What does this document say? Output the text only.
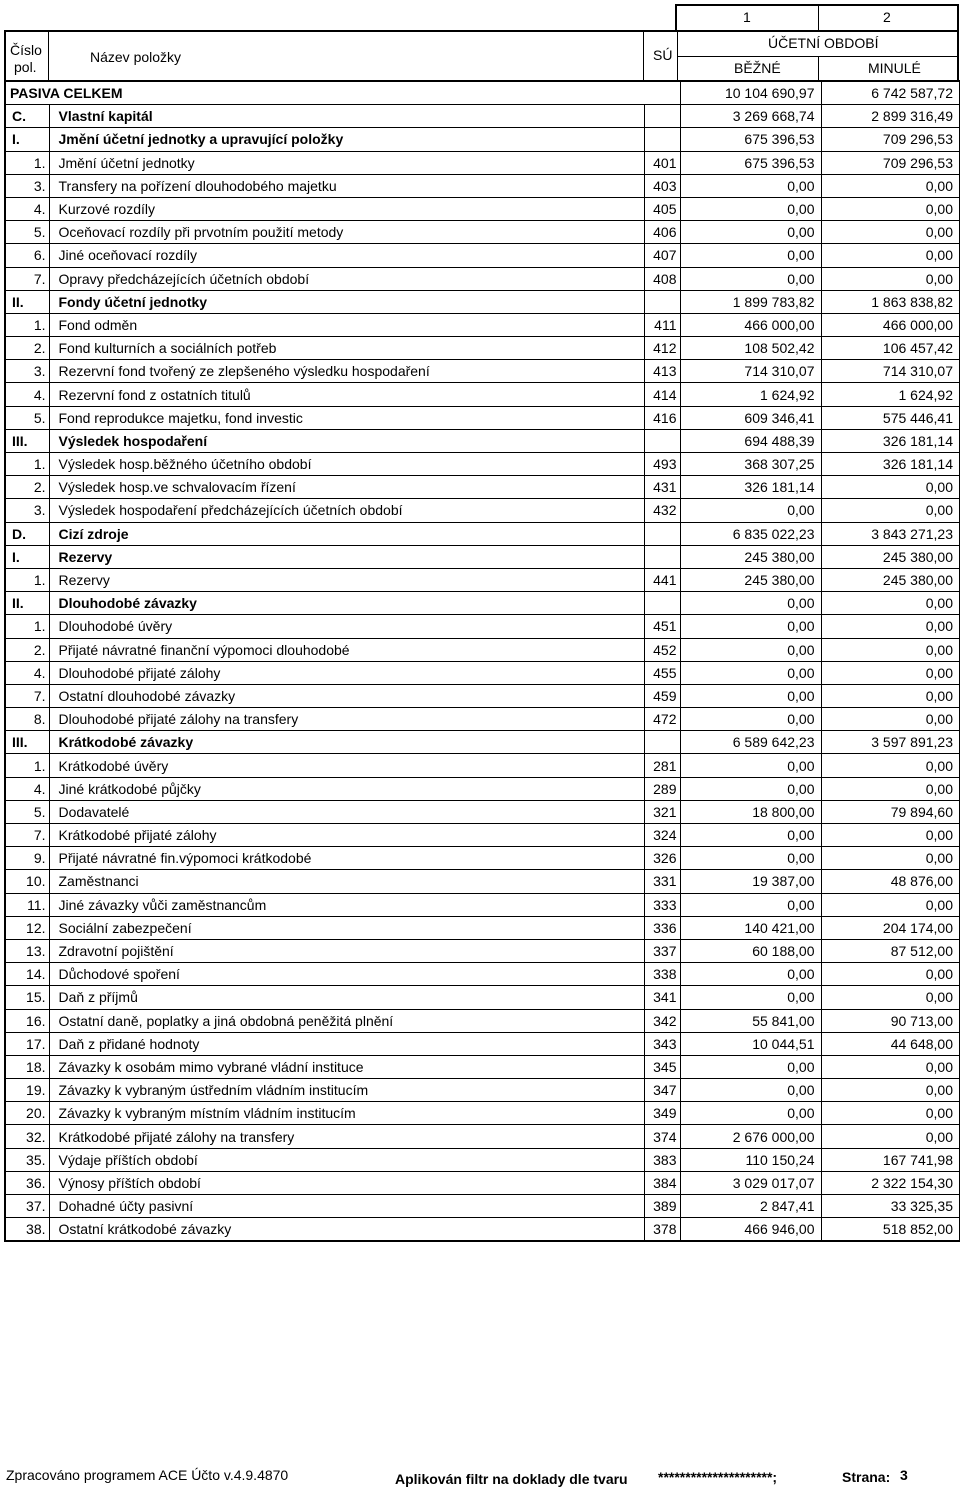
1	2
Číslo
pol.
Název položky	SÚ
ÚČETNÍ OBDOBÍ
BĚŽNÉ	MINULÉ
PASIVA CELKEM			10 104 690,97	6 742 587,72
C.	Vlastní kapitál		3 269 668,74	2 899 316,49
I.	Jmění účetní jednotky a upravující položky		675 396,53	709 296,53
1.	Jmění účetní jednotky	401	675 396,53	709 296,53
3.	Transfery na pořízení dlouhodobého majetku	403	0,00	0,00
4.	Kurzové rozdíly	405	0,00	0,00
5.	Oceňovací rozdíly při prvotním použití metody	406	0,00	0,00
6.	Jiné oceňovací rozdíly	407	0,00	0,00
7.	Opravy předcházejících účetních období	408	0,00	0,00
II.	Fondy účetní jednotky		1 899 783,82	1 863 838,82
1.	Fond odměn	411	466 000,00	466 000,00
2.	Fond kulturních a sociálních potřeb	412	108 502,42	106 457,42
3.	Rezervní fond tvořený ze zlepšeného výsledku hospodaření	413	714 310,07	714 310,07
4.	Rezervní fond z ostatních titulů	414	1 624,92	1 624,92
5.	Fond reprodukce majetku, fond investic	416	609 346,41	575 446,41
III.	Výsledek hospodaření		694 488,39	326 181,14
1.	Výsledek hosp.běžného účetního období	493	368 307,25	326 181,14
2.	Výsledek hosp.ve schvalovacím řízení	431	326 181,14	0,00
3.	Výsledek hospodaření předcházejících účetních období	432	0,00	0,00
D.	Cizí zdroje		6 835 022,23	3 843 271,23
I.	Rezervy		245 380,00	245 380,00
1.	Rezervy	441	245 380,00	245 380,00
II.	Dlouhodobé závazky		0,00	0,00
1.	Dlouhodobé úvěry	451	0,00	0,00
2.	Přijaté návratné finanční výpomoci dlouhodobé	452	0,00	0,00
4.	Dlouhodobé přijaté zálohy	455	0,00	0,00
7.	Ostatní dlouhodobé závazky	459	0,00	0,00
8.	Dlouhodobé přijaté zálohy na transfery	472	0,00	0,00
III.	Krátkodobé závazky		6 589 642,23	3 597 891,23
1.	Krátkodobé úvěry	281	0,00	0,00
4.	Jiné krátkodobé půjčky	289	0,00	0,00
5.	Dodavatelé	321	18 800,00	79 894,60
7.	Krátkodobé přijaté zálohy	324	0,00	0,00
9.	Přijaté návratné fin.výpomoci krátkodobé	326	0,00	0,00
10.	Zaměstnanci	331	19 387,00	48 876,00
11.	Jiné závazky vůči zaměstnancům	333	0,00	0,00
12.	Sociální zabezpečení	336	140 421,00	204 174,00
13.	Zdravotní pojištění	337	60 188,00	87 512,00
14.	Důchodové spoření	338	0,00	0,00
15.	Daň z příjmů	341	0,00	0,00
16.	Ostatní daně, poplatky a jiná obdobná peněžitá plnění	342	55 841,00	90 713,00
17.	Daň z přidané hodnoty	343	10 044,51	44 648,00
18.	Závazky k osobám mimo vybrané vládní instituce	345	0,00	0,00
19.	Závazky k vybraným ústředním vládním institucím	347	0,00	0,00
20.	Závazky k vybraným místním vládním institucím	349	0,00	0,00
32.	Krátkodobé přijaté zálohy na transfery	374	2 676 000,00	0,00
35.	Výdaje příštích období	383	110 150,24	167 741,98
36.	Výnosy příštích období	384	3 029 017,07	2 322 154,30
37.	Dohadné účty pasivní	389	2 847,41	33 325,35
38.	Ostatní krátkodobé závazky	378	466 946,00	518 852,00
Zpracováno programem ACE Účto v.4.9.4870	Aplikován filtr na doklady dle tvaru *********************;	Strana: 3
